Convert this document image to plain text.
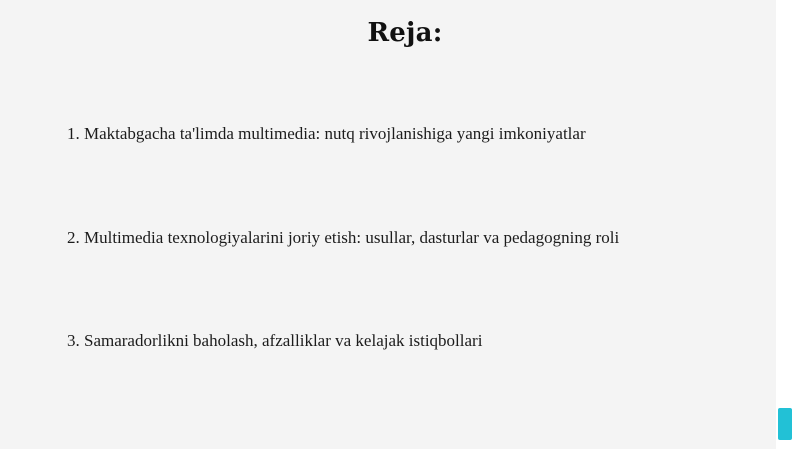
Reja:
1. Maktabgacha ta'limda multimedia: nutq rivojlanishiga yangi imkoniyatlar
2. Multimedia texnologiyalarini joriy etish: usullar, dasturlar va pedagogning roli
3. Samaradorlikni baholash, afzalliklar va kelajak istiqbollari
